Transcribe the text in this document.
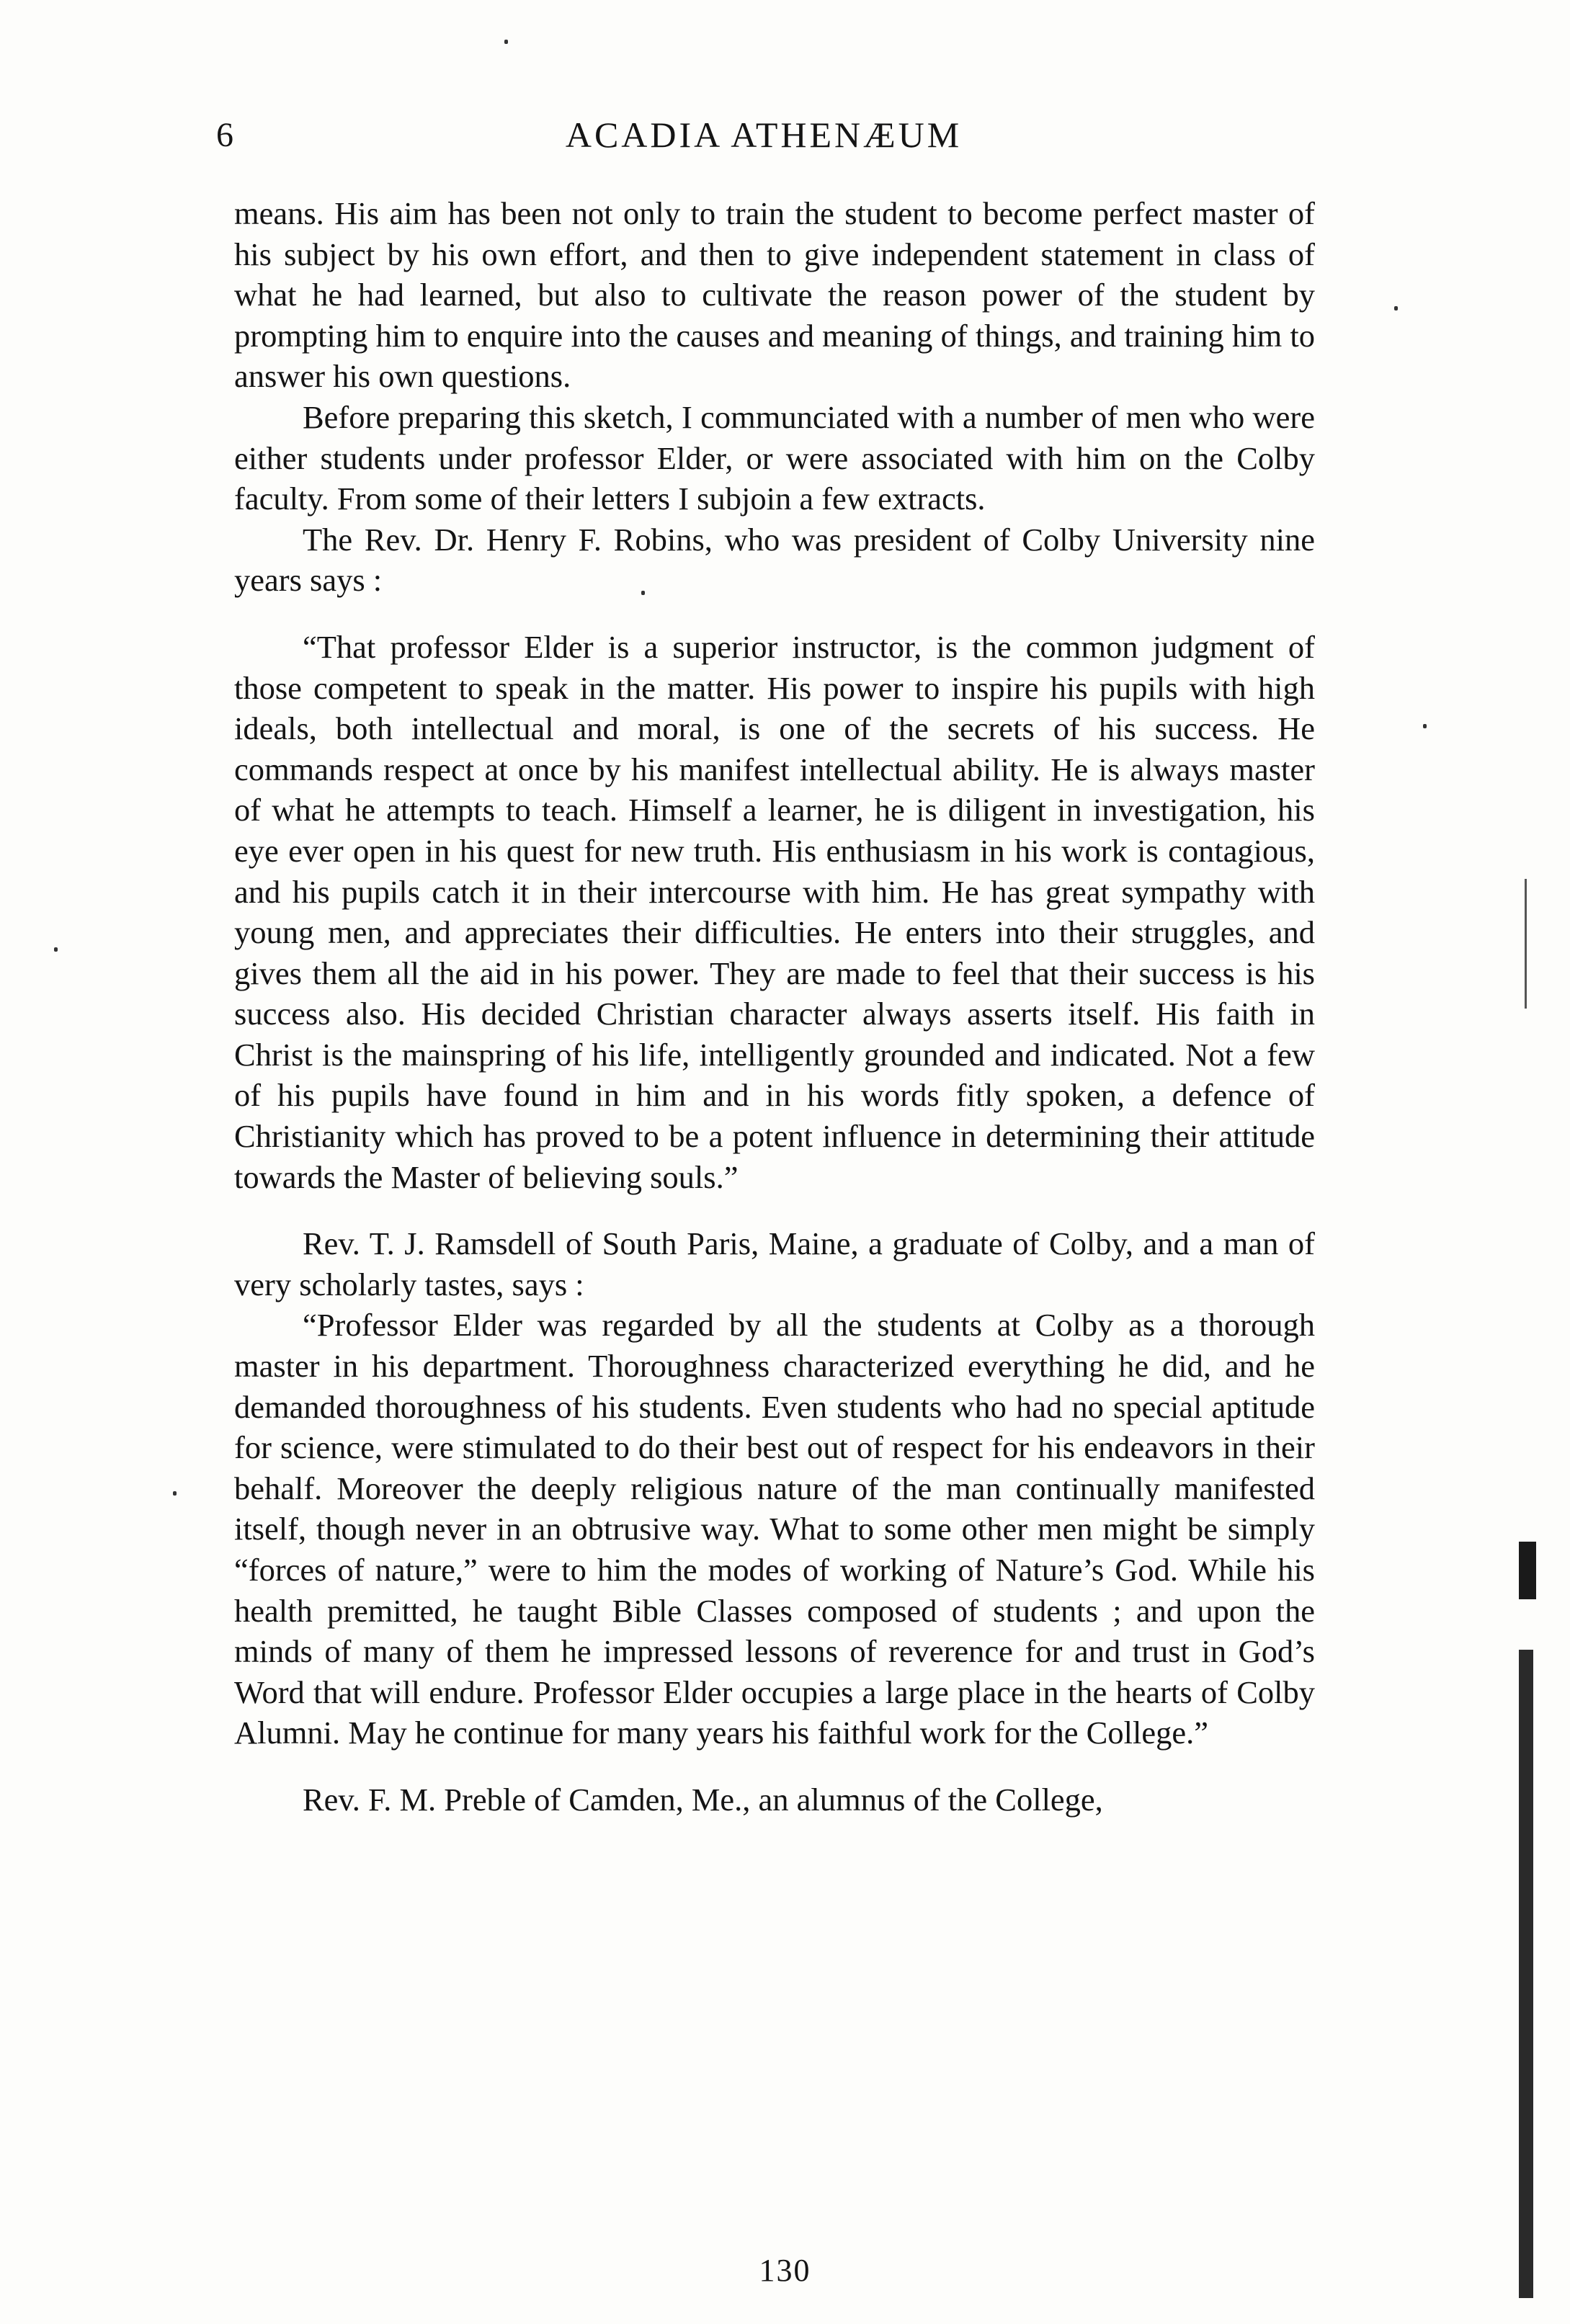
6	ACADIA ATHENÆUM

means. His aim has been not only to train the student to become perfect master of his subject by his own effort, and then to give independent statement in class of what he had learned, but also to cultivate the reason power of the student by prompting him to enquire into the causes and meaning of things, and training him to answer his own questions.

Before preparing this sketch, I communciated with a number of men who were either students under professor Elder, or were associated with him on the Colby faculty. From some of their letters I subjoin a few extracts.

The Rev. Dr. Henry F. Robins, who was president of Colby University nine years says :

“That professor Elder is a superior instructor, is the common judgment of those competent to speak in the matter. His power to inspire his pupils with high ideals, both intellectual and moral, is one of the secrets of his success. He commands respect at once by his manifest intellectual ability. He is always master of what he attempts to teach. Himself a learner, he is diligent in investigation, his eye ever open in his quest for new truth. His enthusiasm in his work is contagious, and his pupils catch it in their intercourse with him. He has great sympathy with young men, and appreciates their difficulties. He enters into their struggles, and gives them all the aid in his power. They are made to feel that their success is his success also. His decided Christian character always asserts itself. His faith in Christ is the mainspring of his life, intelligently grounded and indicated. Not a few of his pupils have found in him and in his words fitly spoken, a defence of Christianity which has proved to be a potent influence in determining their attitude towards the Master of believing souls.”

Rev. T. J. Ramsdell of South Paris, Maine, a graduate of Colby, and a man of very scholarly tastes, says :

“Professor Elder was regarded by all the students at Colby as a thorough master in his department. Thoroughness characterized everything he did, and he demanded thoroughness of his students. Even students who had no special aptitude for science, were stimulated to do their best out of respect for his endeavors in their behalf. Moreover the deeply religious nature of the man continually manifested itself, though never in an obtrusive way. What to some other men might be simply “forces of nature,” were to him the modes of working of Nature’s God. While his health premitted, he taught Bible Classes composed of students ; and upon the minds of many of them he impressed lessons of reverence for and trust in God’s Word that will endure. Professor Elder occupies a large place in the hearts of Colby Alumni. May he continue for many years his faithful work for the College.”

Rev. F. M. Preble of Camden, Me., an alumnus of the College,

130
